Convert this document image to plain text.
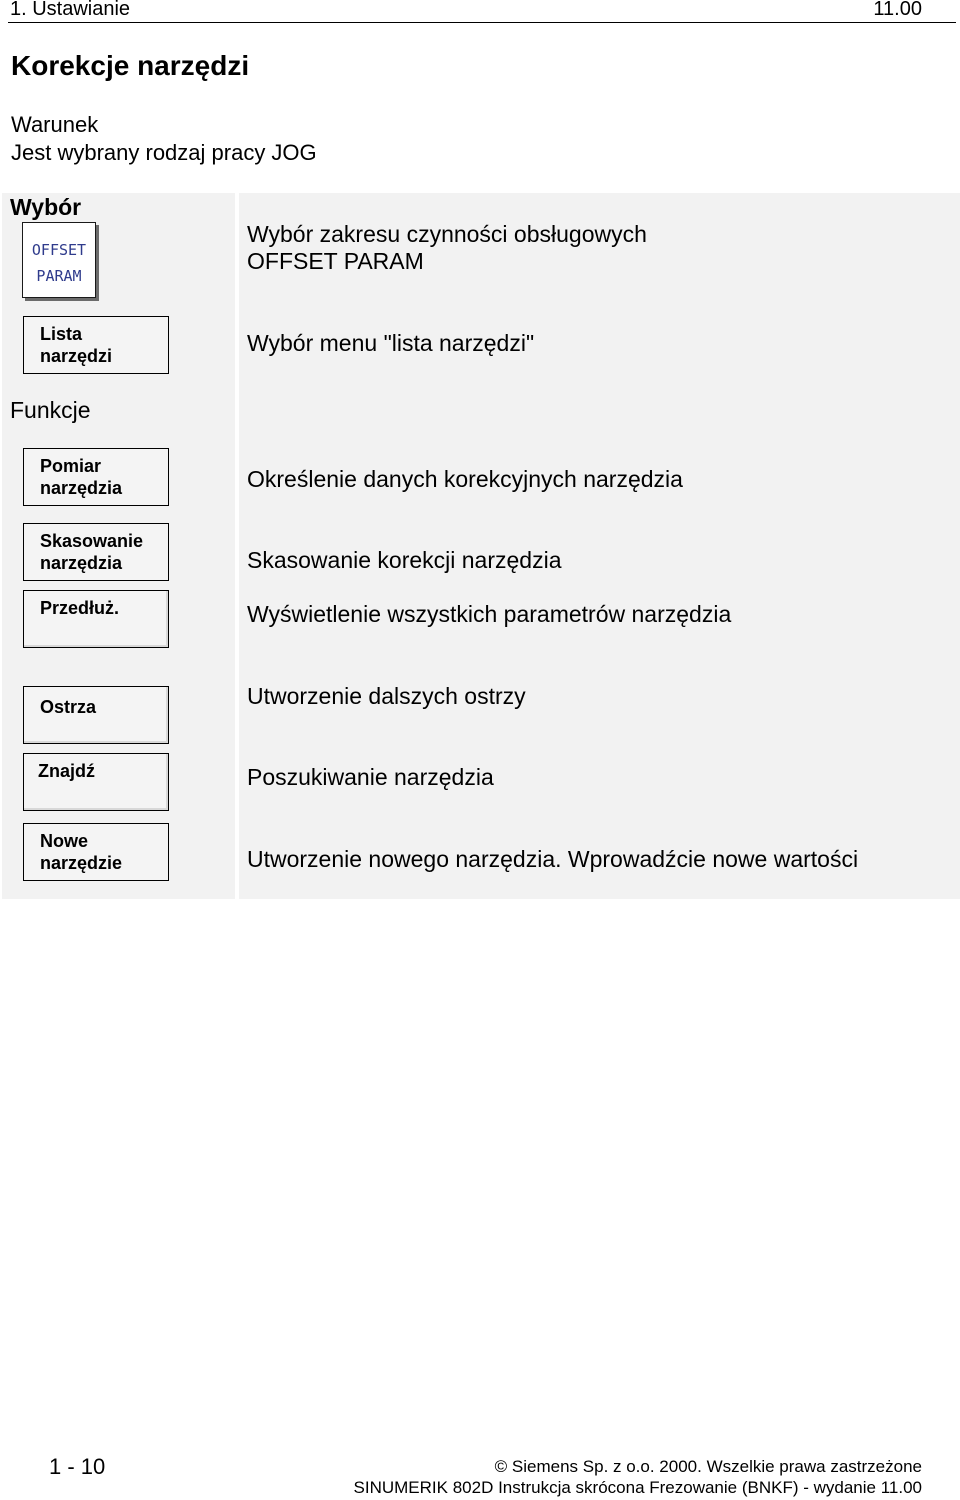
1. Ustawianie	11.00
Korekcje narzędzi
Warunek
Jest wybrany rodzaj pracy JOG
Wybór
Funkcje
OFFSET
PARAM
Wybór zakresu czynności obsługowych
OFFSET PARAM
Lista
narzędzi
Pomiar
narzędzia
Skasowanie
narzędzia
Przedłuż.
Ostrza
Znajdź
Nowe
narzędzie
Wybór menu "lista narzędzi"
Określenie danych korekcyjnych narzędzia
Skasowanie korekcji narzędzia
Wyświetlenie wszystkich parametrów narzędzia
Utworzenie dalszych ostrzy
Poszukiwanie narzędzia
Utworzenie nowego narzędzia. Wprowadźcie nowe wartości
1 - 10	© Siemens Sp. z o.o. 2000. Wszelkie prawa zastrzeżone
SINUMERIK 802D Instrukcja skrócona Frezowanie (BNKF) - wydanie 11.00
